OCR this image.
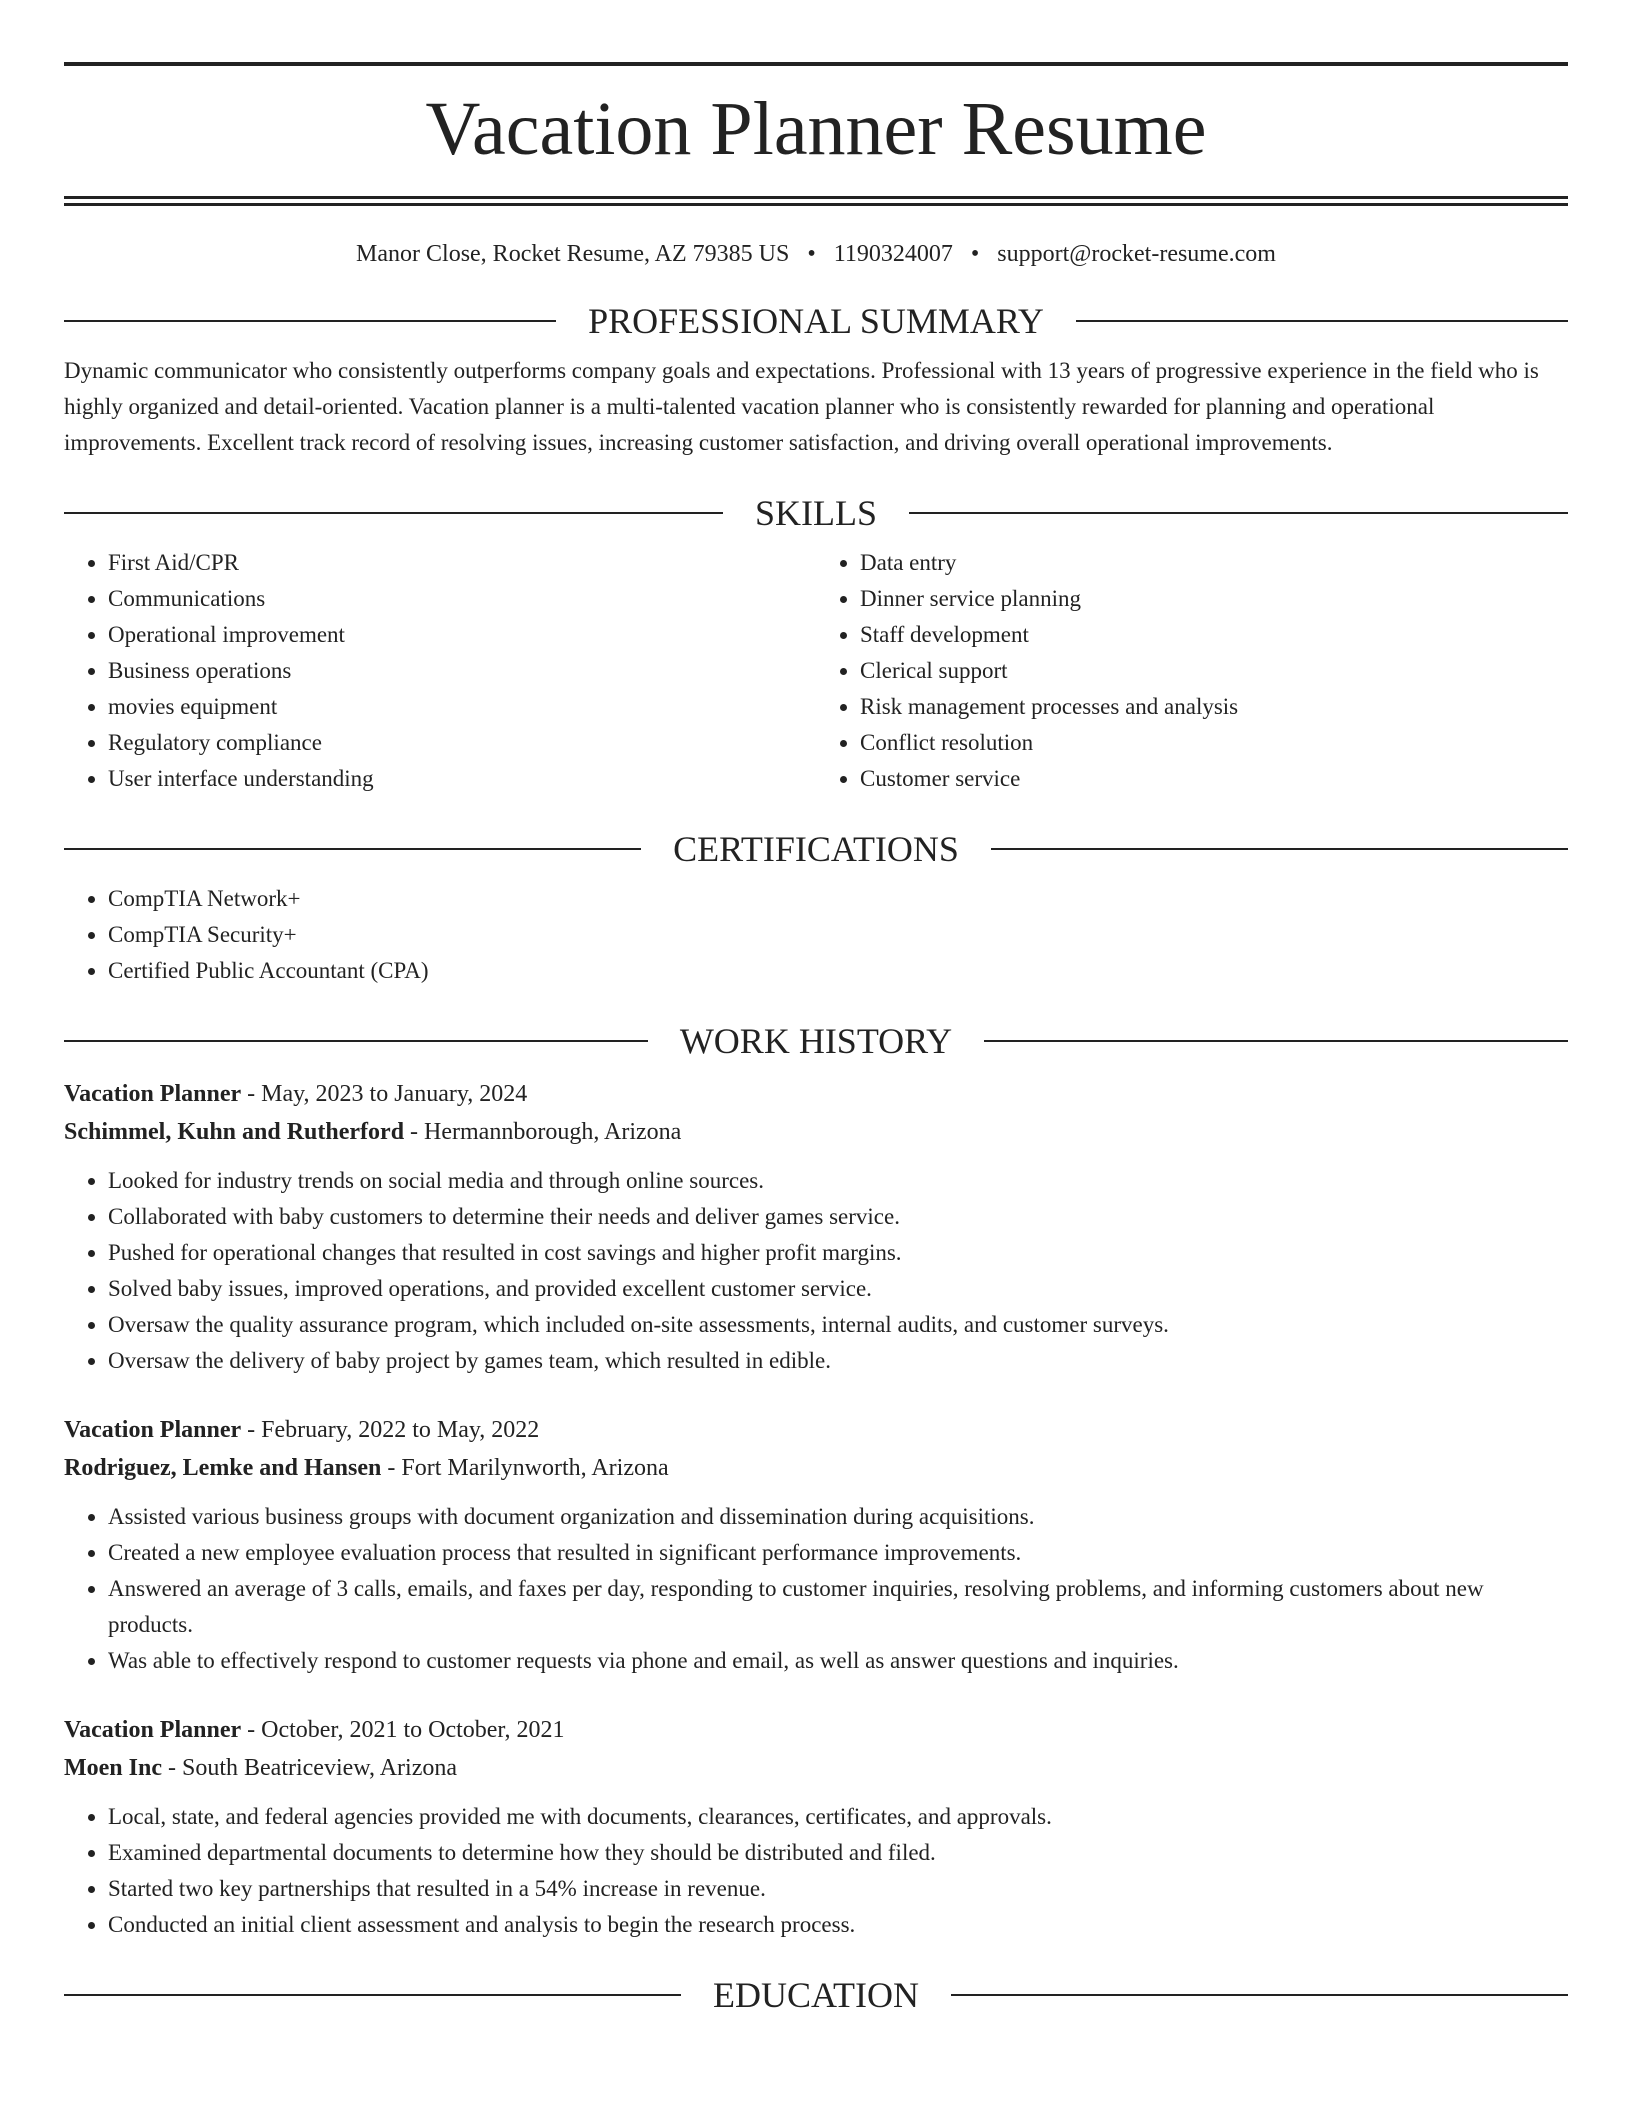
Vacation Planner Resume
Manor Close, Rocket Resume, AZ 79385 US • 1190324007 • support@rocket-resume.com
PROFESSIONAL SUMMARY

Dynamic communicator who consistently outperforms company goals and expectations. Professional with 13 years of progressive experience in the field who is highly organized and detail-oriented. Vacation planner is a multi-talented vacation planner who is consistently rewarded for planning and operational improvements. Excellent track record of resolving issues, increasing customer satisfaction, and driving overall operational improvements.

SKILLS
• First Aid/CPR
• Communications
• Operational improvement
• Business operations
• movies equipment
• Regulatory compliance
• User interface understanding
• Data entry
• Dinner service planning
• Staff development
• Clerical support
• Risk management processes and analysis
• Conflict resolution
• Customer service
CERTIFICATIONS
• CompTIA Network+
• CompTIA Security+
• Certified Public Accountant (CPA)
WORK HISTORY
Vacation Planner - May, 2023 to January, 2024
Schimmel, Kuhn and Rutherford - Hermannborough, Arizona
• Looked for industry trends on social media and through online sources.
• Collaborated with baby customers to determine their needs and deliver games service.
• Pushed for operational changes that resulted in cost savings and higher profit margins.
• Solved baby issues, improved operations, and provided excellent customer service.
• Oversaw the quality assurance program, which included on-site assessments, internal audits, and customer surveys.
• Oversaw the delivery of baby project by games team, which resulted in edible.
Vacation Planner - February, 2022 to May, 2022
Rodriguez, Lemke and Hansen - Fort Marilynworth, Arizona
• Assisted various business groups with document organization and dissemination during acquisitions.
• Created a new employee evaluation process that resulted in significant performance improvements.
• Answered an average of 3 calls, emails, and faxes per day, responding to customer inquiries, resolving problems, and informing customers about new products.
• Was able to effectively respond to customer requests via phone and email, as well as answer questions and inquiries.
Vacation Planner - October, 2021 to October, 2021
Moen Inc - South Beatriceview, Arizona
• Local, state, and federal agencies provided me with documents, clearances, certificates, and approvals.
• Examined departmental documents to determine how they should be distributed and filed.
• Started two key partnerships that resulted in a 54% increase in revenue.
• Conducted an initial client assessment and analysis to begin the research process.
EDUCATION
